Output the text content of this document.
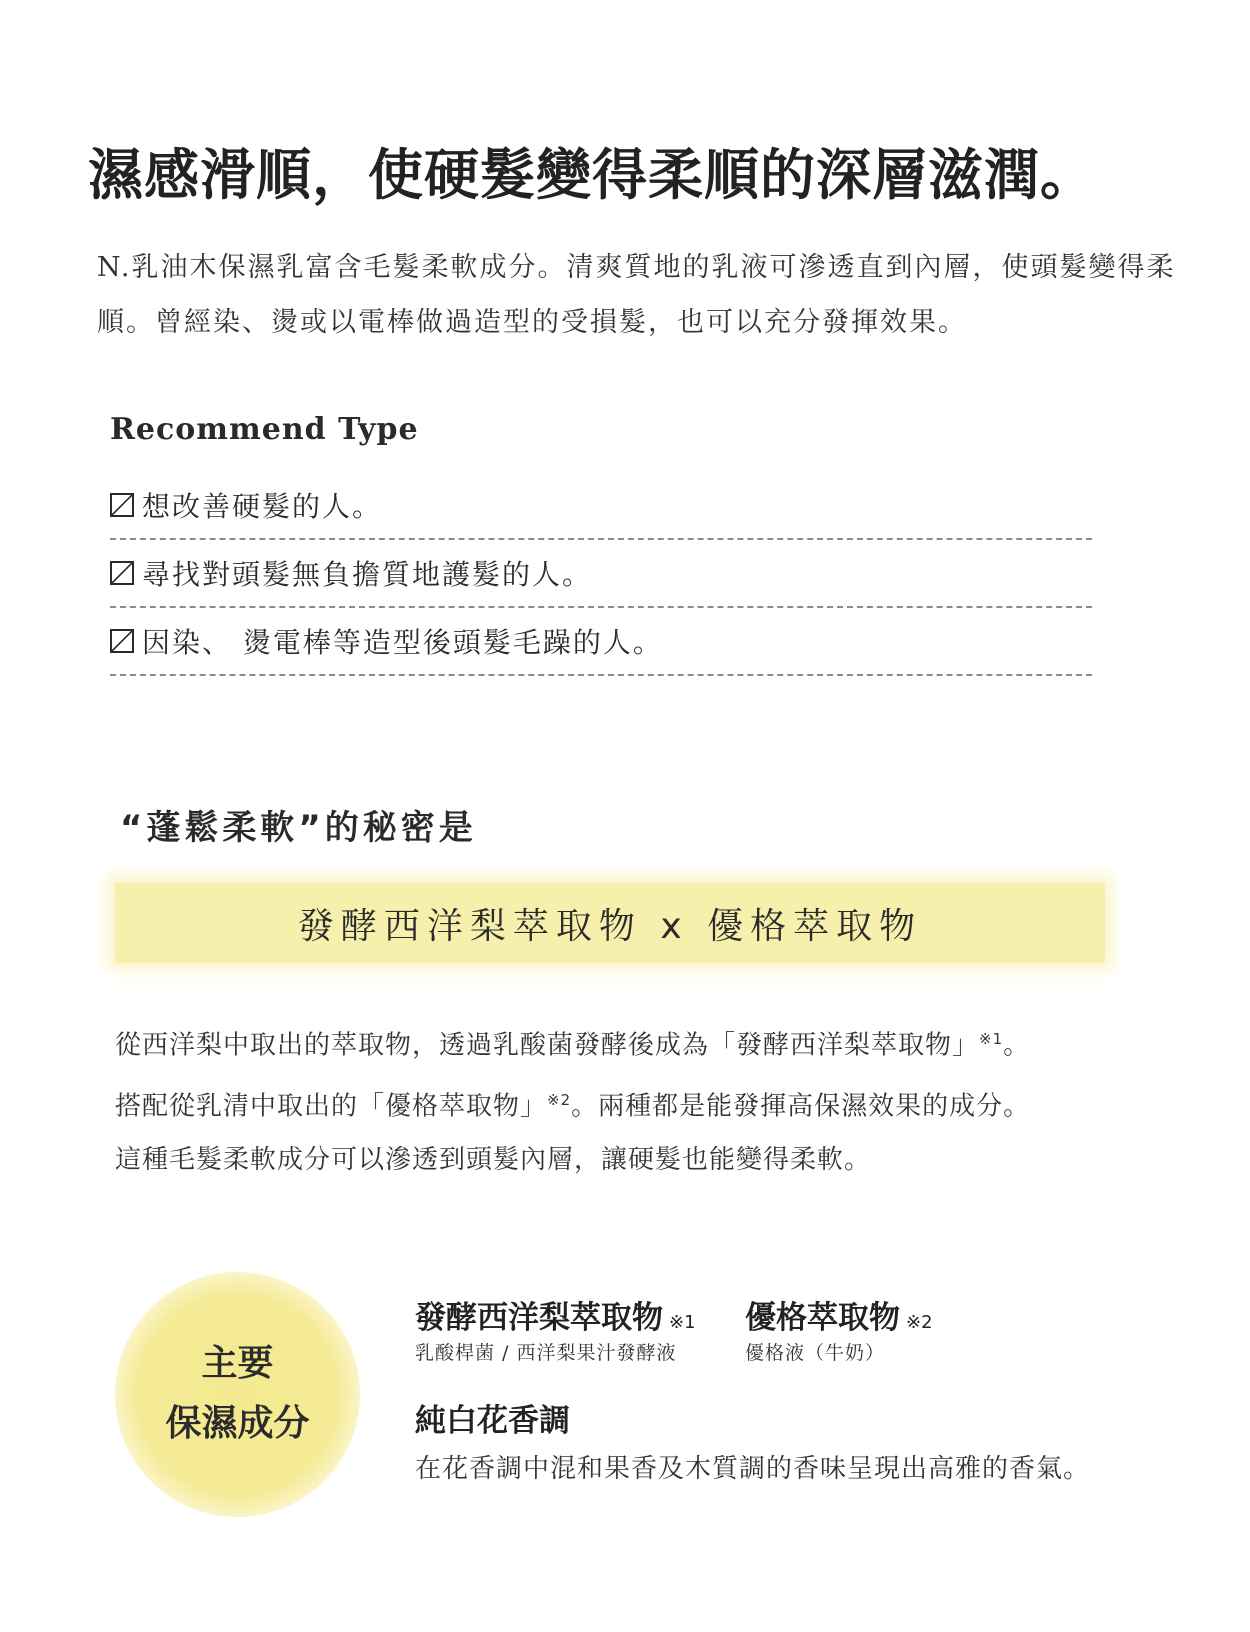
濕感滑順，使硬髮變得柔順的深層滋潤。
N.乳油木保濕乳富含毛髮柔軟成分。清爽質地的乳液可滲透直到內層，使頭髮變得柔順。曾經染、燙或以電棒做過造型的受損髮，也可以充分發揮效果。
Recommend Type
想改善硬髮的人。
尋找對頭髮無負擔質地護髮的人。
因染、 燙電棒等造型後頭髮毛躁的人。
“蓬鬆柔軟”的秘密是
發酵西洋梨萃取物 x 優格萃取物
從西洋梨中取出的萃取物，透過乳酸菌發酵後成為「發酵西洋梨萃取物」$^{※1}$。
搭配從乳清中取出的「優格萃取物」$^{※2}$。兩種都是能發揮高保濕效果的成分。
這種毛髮柔軟成分可以滲透到頭髮內層，讓硬髮也能變得柔軟。
主要
保濕成分
發酵西洋梨萃取物 ※1
乳酸桿菌 / 西洋梨果汁發酵液
優格萃取物 ※2
優格液（牛奶）
純白花香調
在花香調中混和果香及木質調的香味呈現出高雅的香氣。
